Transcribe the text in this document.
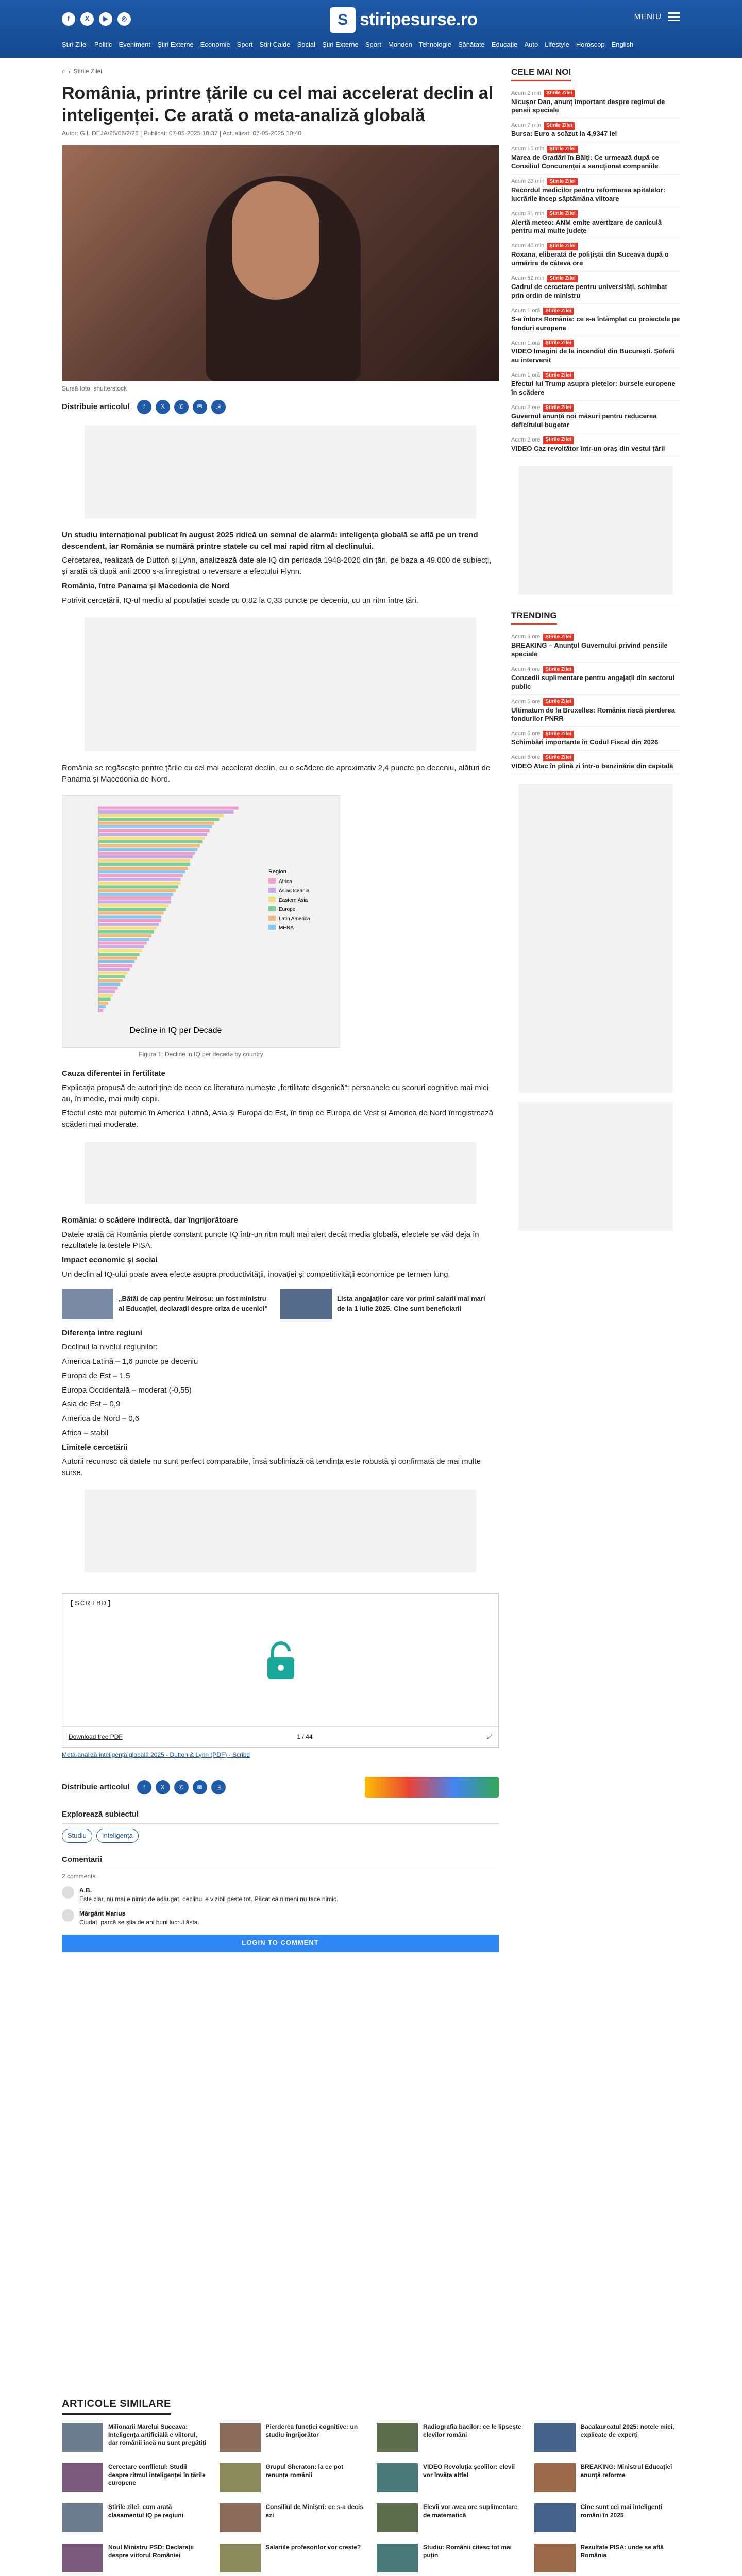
f	X	▶	◎	S stiripesurse.ro	MENIU
Știri Zilei Politic Eveniment Știri Externe Economie Sport Stiri Calde Social Știri Externe Sport Monden Tehnologie Sănătate Educație Auto Lifestyle Horoscop English
⌂ / Știrile Zilei
România, printre țările cu cel mai accelerat declin al inteligenței. Ce arată o meta-analiză globală
Autor: G.L.DEJA/25/06/2/26 | Publicat: 07-05-2025 10:37 | Actualizat: 07-05-2025 10:40
Sursă foto: shutterstock
Distribuie articolul	f	X	✆	✉	⎘

Un studiu internațional publicat în august 2025 ridică un semnal de alarmă: inteligența globală se află pe un trend descendent, iar România se numără printre statele cu cel mai rapid ritm al declinului.

Cercetarea, realizată de Dutton și Lynn, analizează date ale IQ din perioada 1948-2020 din țări, pe baza a 49.000 de subiecți, și arată că după anii 2000 s-a înregistrat o reversare a efectului Flynn.

România, între Panama și Macedonia de Nord

Potrivit cercetării, IQ-ul mediu al populației scade cu 0,82 la 0,33 puncte pe deceniu, cu un ritm între țări.

România se regăsește printre țările cu cel mai accelerat declin, cu o scădere de aproximativ 2,4 puncte pe deceniu, alături de Panama și Macedonia de Nord.

Decline in IQ per Decade
Region
Africa
Asia/Oceania
Eastern Asia
Europe
Latin America
MENA
Figura 1: Decline in IQ per decade by country

Cauza diferentei in fertilitate

Explicația propusă de autori ține de ceea ce literatura numește „fertilitate disgenică”: persoanele cu scoruri cognitive mai mici au, în medie, mai mulți copii.

Efectul este mai puternic în America Latină, Asia și Europa de Est, în timp ce Europa de Vest și America de Nord înregistrează scăderi mai moderate.

România: o scădere indirectă, dar îngrijorătoare

Datele arată că România pierde constant puncte IQ într-un ritm mult mai alert decât media globală, efectele se văd deja în rezultatele la testele PISA.

Impact economic și social

Un declin al IQ-ului poate avea efecte asupra productivității, inovației și competitivității economice pe termen lung.

„Bătăi de cap pentru Meirosu: un fost ministru al Educației, declarații despre criza de ucenici”
Lista angajaților care vor primi salarii mai mari de la 1 iulie 2025. Cine sunt beneficiarii

Diferența intre regiuni

Declinul la nivelul regiunilor:

America Latină – 1,6 puncte pe deceniu

Europa de Est – 1,5

Europa Occidentală – moderat (-0,55)

Asia de Est – 0,9

America de Nord – 0,6

Africa – stabil

Limitele cercetării

Autorii recunosc că datele nu sunt perfect comparabile, însă subliniază că tendința este robustă și confirmată de mai multe surse.

[SCRIBD]
Download free PDF	1 / 44	⤢
Meta-analiză inteligență globală 2025 - Dutton & Lynn (PDF) · Scribd
Distribuie articolul	f	X	✆	✉	⎘
Explorează subiectul
Studiu	Inteligența
Comentarii
2 comments
A.B.
Este clar, nu mai e nimic de adăugat, declinul e vizibil peste tot. Păcat că nimeni nu face nimic.
Mărgărit Marius
Ciudat, parcă se știa de ani buni lucrul ăsta.
LOGIN TO COMMENT
CELE MAI NOI
Acum 2 min	Știrile Zilei
Nicușor Dan, anunț important despre regimul de pensii speciale
Acum 7 min	Știrile Zilei
Bursa: Euro a scăzut la 4,9347 lei
Acum 15 min	Știrile Zilei
Marea de Gradări în Bălți: Ce urmează după ce Consiliul Concurenței a sancționat companiile
Acum 23 min	Știrile Zilei
Recordul medicilor pentru reformarea spitalelor: lucrările încep săptămâna viitoare
Acum 31 min	Știrile Zilei
Alertă meteo: ANM emite avertizare de caniculă pentru mai multe județe
Acum 40 min	Știrile Zilei
Roxana, eliberată de polițiștii din Suceava după o urmărire de câteva ore
Acum 52 min	Știrile Zilei
Cadrul de cercetare pentru universități, schimbat prin ordin de ministru
Acum 1 oră	Știrile Zilei
S-a întors România: ce s-a întâmplat cu proiectele pe fonduri europene
Acum 1 oră	Știrile Zilei
VIDEO Imagini de la incendiul din București. Șoferii au intervenit
Acum 1 oră	Știrile Zilei
Efectul lui Trump asupra piețelor: bursele europene în scădere
Acum 2 ore	Știrile Zilei
Guvernul anunță noi măsuri pentru reducerea deficitului bugetar
Acum 2 ore	Știrile Zilei
VIDEO Caz revoltător într-un oraș din vestul țării
TRENDING
Acum 3 ore	Știrile Zilei
BREAKING – Anunțul Guvernului privind pensiile speciale
Acum 4 ore	Știrile Zilei
Concedii suplimentare pentru angajații din sectorul public
Acum 5 ore	Știrile Zilei
Ultimatum de la Bruxelles: România riscă pierderea fondurilor PNRR
Acum 5 ore	Știrile Zilei
Schimbări importante în Codul Fiscal din 2026
Acum 6 ore	Știrile Zilei
VIDEO Atac în plină zi într-o benzinărie din capitală
ARTICOLE SIMILARE
Milionarii Marelui Suceava: Inteligența artificială e viitorul, dar românii încă nu sunt pregătiți
Pierderea funcției cognitive: un studiu îngrijorător
Radiografia bacilor: ce le lipsește elevilor români
Bacalaureatul 2025: notele mici, explicate de experți
Cercetare conflictul: Studii despre ritmul inteligenței în țările europene
Grupul Sheraton: la ce pot renunța românii
VIDEO Revoluția școlilor: elevii vor învăța altfel
BREAKING: Ministrul Educației anunță reforme
Știrile zilei: cum arată clasamentul IQ pe regiuni
Consiliul de Miniștri: ce s-a decis azi
Elevii vor avea ore suplimentare de matematică
Cine sunt cei mai inteligenți români în 2025
Noul Ministru PSD: Declarații despre viitorul României
Salariile profesorilor vor crește?	Studiu: Românii citesc tot mai puțin
Rezultate PISA: unde se află România
